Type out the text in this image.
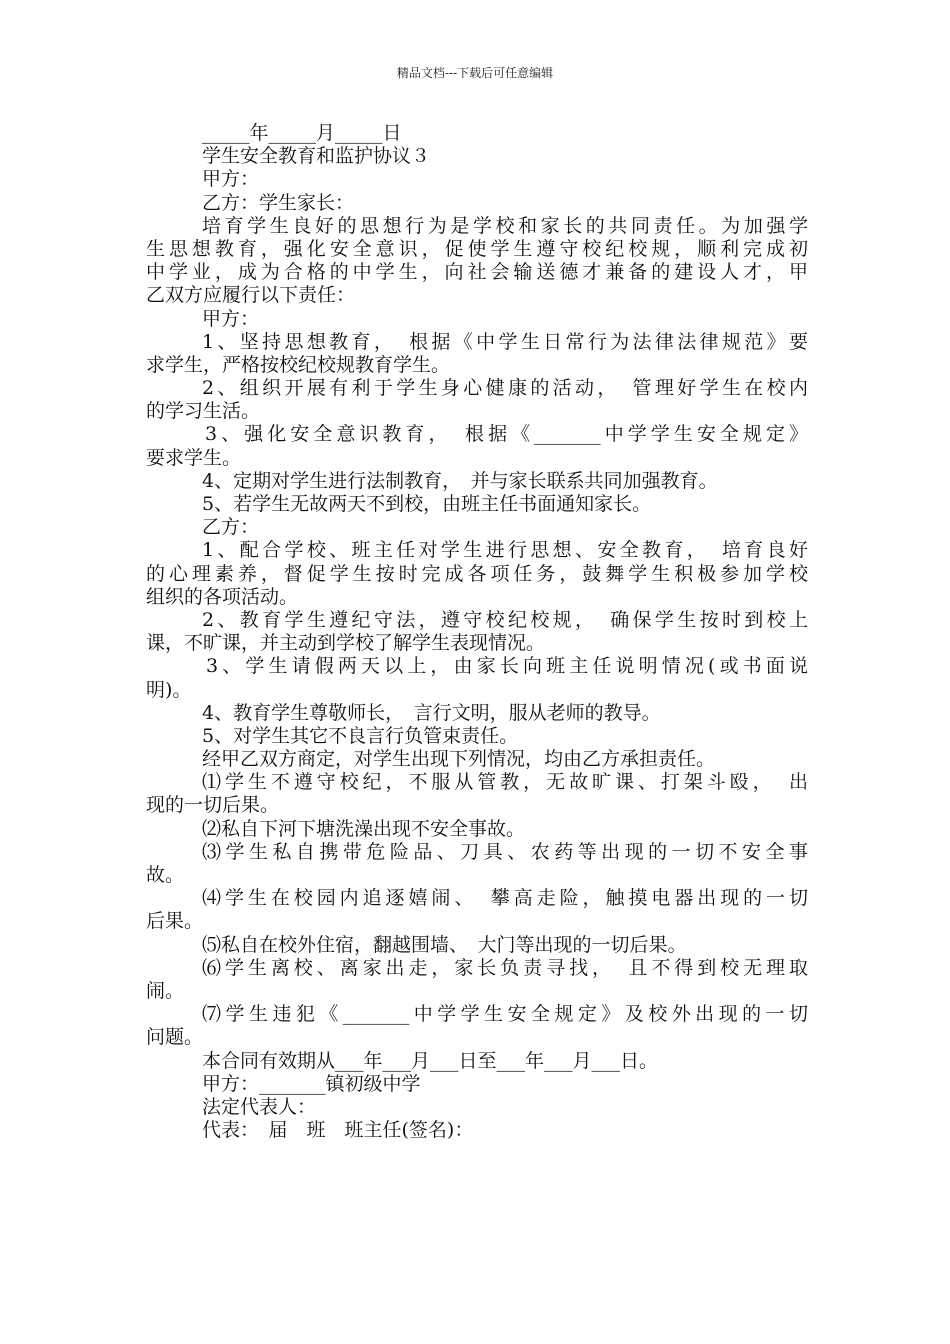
精品文档---下载后可任意编辑
_____年_____月_____日
学生安全教育和监护协议３
甲方：
乙方：学生家长：
培育学生良好的思想行为是学校和家长的共同责任。为加强学
生思想教育，强化安全意识，促使学生遵守校纪校规，顺利完成初
中学业，成为合格的中学生，向社会输送德才兼备的建设人才，甲
乙双方应履行以下责任：
甲方：
1、坚持思想教育，　根据《中学生日常行为法律法律规范》要
求学生，严格按校纪校规教育学生。
2、组织开展有利于学生身心健康的活动，　管理好学生在校内
的学习生活。
3、强化安全意识教育，　根据《_______中学学生安全规定》
要求学生。
4、定期对学生进行法制教育，　并与家长联系共同加强教育。
5、若学生无故两天不到校，由班主任书面通知家长。
乙方：
1、配合学校、班主任对学生进行思想、安全教育，　培育良好
的心理素养，督促学生按时完成各项任务，鼓舞学生积极参加学校
组织的各项活动。
2、教育学生遵纪守法，遵守校纪校规，　确保学生按时到校上
课，不旷课，并主动到学校了解学生表现情况。
3、学生请假两天以上，由家长向班主任说明情况(或书面说
明)。
4、教育学生尊敬师长，　言行文明，服从老师的教导。
5、对学生其它不良言行负管束责任。
经甲乙双方商定，对学生出现下列情况，均由乙方承担责任。
⑴学生不遵守校纪，不服从管教，无故旷课、打架斗殴，　出
现的一切后果。
⑵私自下河下塘洗澡出现不安全事故。
⑶学生私自携带危险品、刀具、农药等出现的一切不安全事
故。
⑷学生在校园内追逐嬉闹、　攀高走险，触摸电器出现的一切
后果。
⑸私自在校外住宿，翻越围墙、　大门等出现的一切后果。
⑹学生离校、离家出走，家长负责寻找，　且不得到校无理取
闹。
⑺学生违犯《_______中学学生安全规定》及校外出现的一切
问题。
本合同有效期从___年___月___日至___年___月___日。
甲方：_______镇初级中学
法定代表人：
代表：　届　班　班主任(签名)：
